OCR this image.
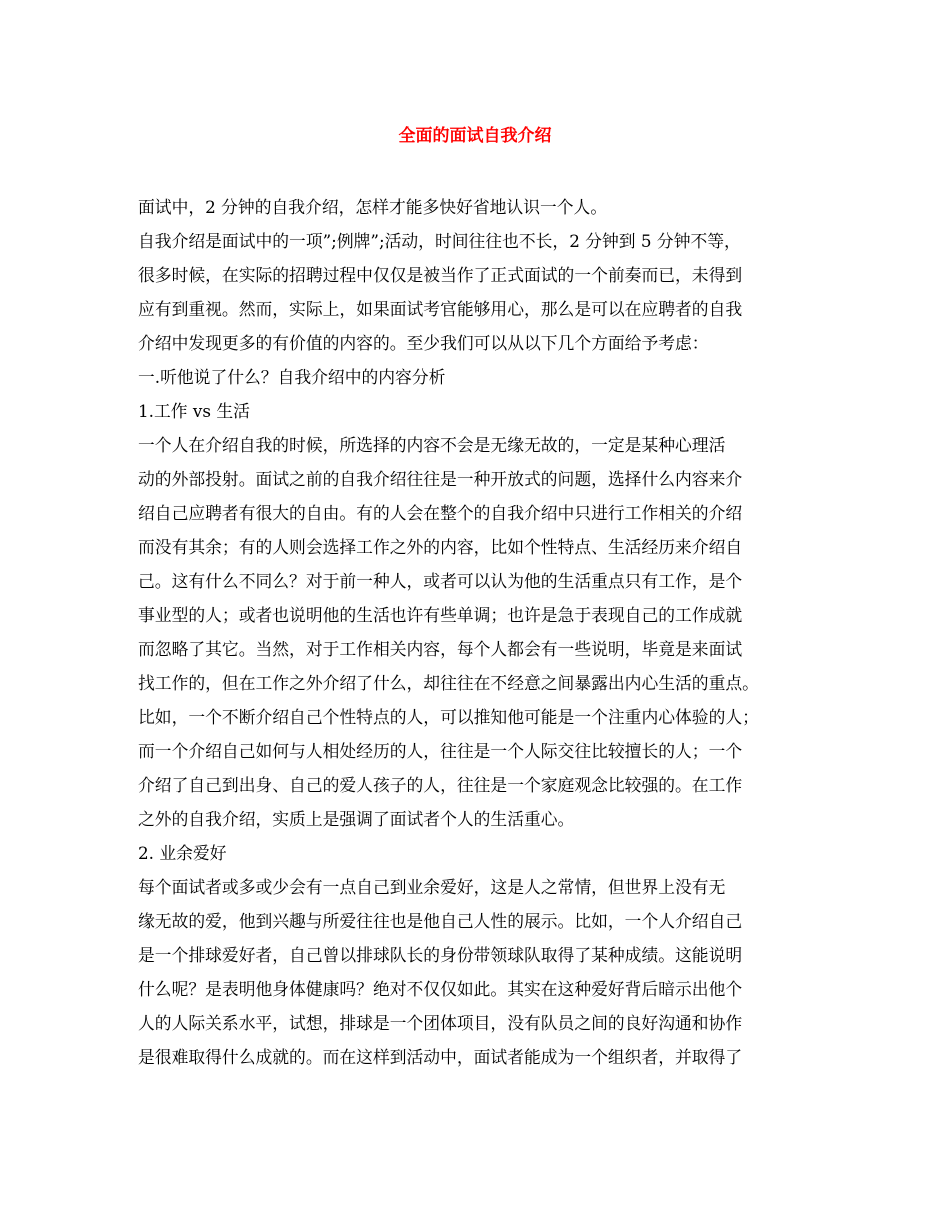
全面的面试自我介绍
面试中，2 分钟的自我介绍，怎样才能多快好省地认识一个人。
自我介绍是面试中的一项”;例牌”;活动，时间往往也不长，2 分钟到 5 分钟不等，
很多时候，在实际的招聘过程中仅仅是被当作了正式面试的一个前奏而已，未得到
应有到重视。然而，实际上，如果面试考官能够用心，那么是可以在应聘者的自我
介绍中发现更多的有价值的内容的。至少我们可以从以下几个方面给予考虑：
一.听他说了什么？自我介绍中的内容分析
1.工作 vs 生活
一个人在介绍自我的时候，所选择的内容不会是无缘无故的，一定是某种心理活
动的外部投射。面试之前的自我介绍往往是一种开放式的问题，选择什么内容来介
绍自己应聘者有很大的自由。有的人会在整个的自我介绍中只进行工作相关的介绍
而没有其余；有的人则会选择工作之外的内容，比如个性特点、生活经历来介绍自
己。这有什么不同么？对于前一种人，或者可以认为他的生活重点只有工作，是个
事业型的人；或者也说明他的生活也许有些单调；也许是急于表现自己的工作成就
而忽略了其它。当然，对于工作相关内容，每个人都会有一些说明，毕竟是来面试
找工作的，但在工作之外介绍了什么，却往往在不经意之间暴露出内心生活的重点。
比如，一个不断介绍自己个性特点的人，可以推知他可能是一个注重内心体验的人；
而一个介绍自己如何与人相处经历的人，往往是一个人际交往比较擅长的人；一个
介绍了自己到出身、自己的爱人孩子的人，往往是一个家庭观念比较强的。在工作
之外的自我介绍，实质上是强调了面试者个人的生活重心。
2. 业余爱好
每个面试者或多或少会有一点自己到业余爱好，这是人之常情，但世界上没有无
缘无故的爱，他到兴趣与所爱往往也是他自己人性的展示。比如，一个人介绍自己
是一个排球爱好者，自己曾以排球队长的身份带领球队取得了某种成绩。这能说明
什么呢？是表明他身体健康吗？绝对不仅仅如此。其实在这种爱好背后暗示出他个
人的人际关系水平，试想，排球是一个团体项目，没有队员之间的良好沟通和协作
是很难取得什么成就的。而在这样到活动中，面试者能成为一个组织者，并取得了
